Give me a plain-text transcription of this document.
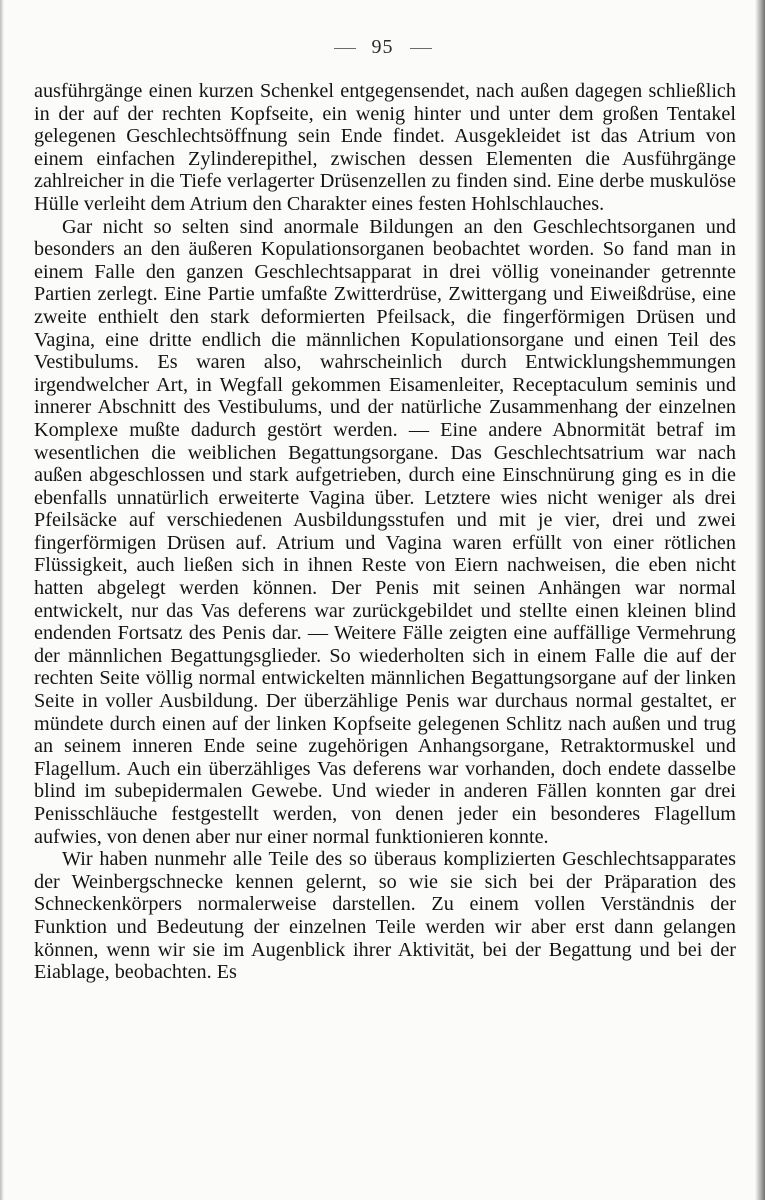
95

ausführgänge einen kurzen Schenkel entgegensendet, nach außen dagegen schließlich in der auf der rechten Kopfseite, ein wenig hinter und unter dem großen Tentakel gelegenen Geschlechtsöffnung sein Ende findet. Ausgekleidet ist das Atrium von einem einfachen Zylinderepithel, zwischen dessen Elementen die Ausführgänge zahlreicher in die Tiefe verlagerter Drüsenzellen zu finden sind. Eine derbe muskulöse Hülle verleiht dem Atrium den Charakter eines festen Hohlschlauches.

Gar nicht so selten sind anormale Bildungen an den Geschlechtsorganen und besonders an den äußeren Kopulationsorganen beobachtet worden. So fand man in einem Falle den ganzen Geschlechtsapparat in drei völlig voneinander getrennte Partien zerlegt. Eine Partie umfaßte Zwitterdrüse, Zwittergang und Eiweißdrüse, eine zweite enthielt den stark deformierten Pfeilsack, die fingerförmigen Drüsen und Vagina, eine dritte endlich die männlichen Kopulationsorgane und einen Teil des Vestibulums. Es waren also, wahrscheinlich durch Entwicklungshemmungen irgendwelcher Art, in Wegfall gekommen Eisamenleiter, Receptaculum seminis und innerer Abschnitt des Vestibulums, und der natürliche Zusammenhang der einzelnen Komplexe mußte dadurch gestört werden. — Eine andere Abnormität betraf im wesentlichen die weiblichen Begattungsorgane. Das Geschlechtsatrium war nach außen abgeschlossen und stark aufgetrieben, durch eine Einschnürung ging es in die ebenfalls unnatürlich erweiterte Vagina über. Letztere wies nicht weniger als drei Pfeilsäcke auf verschiedenen Ausbildungsstufen und mit je vier, drei und zwei fingerförmigen Drüsen auf. Atrium und Vagina waren erfüllt von einer rötlichen Flüssigkeit, auch ließen sich in ihnen Reste von Eiern nachweisen, die eben nicht hatten abgelegt werden können. Der Penis mit seinen Anhängen war normal entwickelt, nur das Vas deferens war zurückgebildet und stellte einen kleinen blind endenden Fortsatz des Penis dar. — Weitere Fälle zeigten eine auffällige Vermehrung der männlichen Begattungsglieder. So wiederholten sich in einem Falle die auf der rechten Seite völlig normal entwickelten männlichen Begattungsorgane auf der linken Seite in voller Ausbildung. Der überzählige Penis war durchaus normal gestaltet, er mündete durch einen auf der linken Kopfseite gelegenen Schlitz nach außen und trug an seinem inneren Ende seine zugehörigen Anhangsorgane, Retraktormuskel und Flagellum. Auch ein überzähliges Vas deferens war vorhanden, doch endete dasselbe blind im subepidermalen Gewebe. Und wieder in anderen Fällen konnten gar drei Penisschläuche festgestellt werden, von denen jeder ein besonderes Flagellum aufwies, von denen aber nur einer normal funktionieren konnte.

Wir haben nunmehr alle Teile des so überaus komplizierten Geschlechtsapparates der Weinbergschnecke kennen gelernt, so wie sie sich bei der Präparation des Schneckenkörpers normalerweise darstellen. Zu einem vollen Verständnis der Funktion und Bedeutung der einzelnen Teile werden wir aber erst dann gelangen können, wenn wir sie im Augenblick ihrer Aktivität, bei der Begattung und bei der Eiablage, beobachten. Es
